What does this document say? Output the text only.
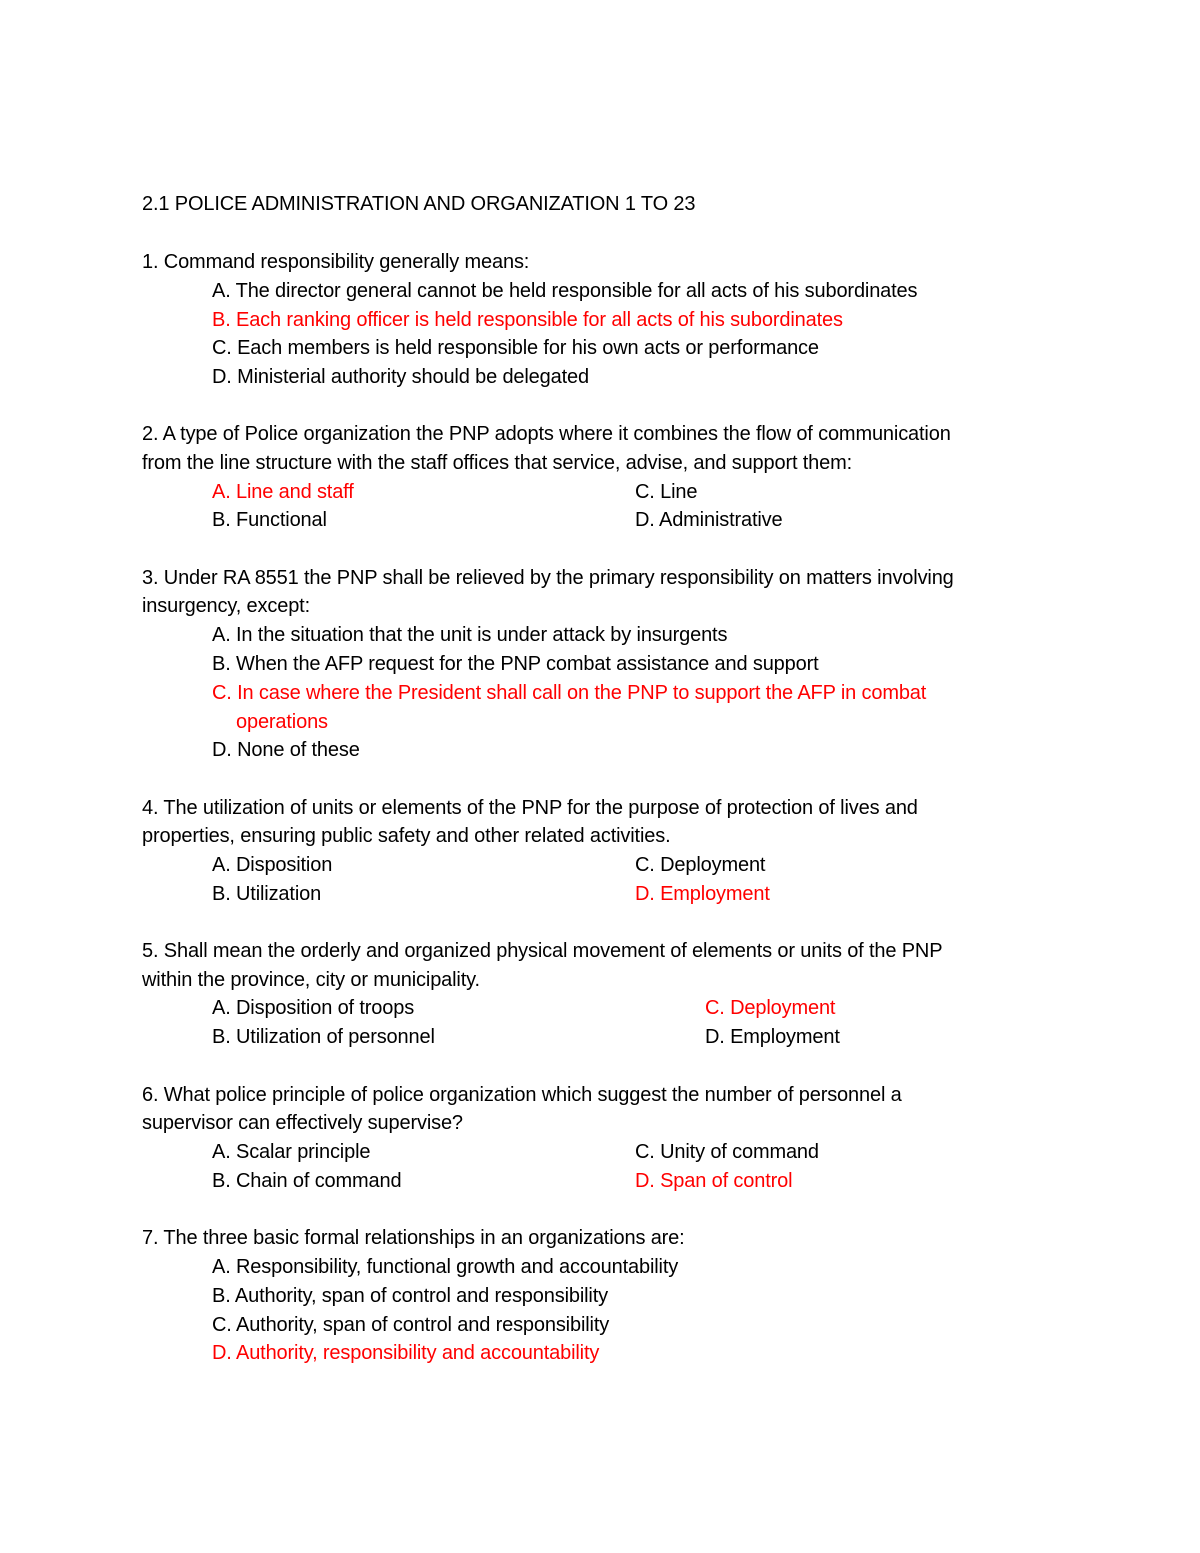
2.1 POLICE ADMINISTRATION AND ORGANIZATION 1 TO 23
1. Command responsibility generally means:
A. The director general cannot be held responsible for all acts of his subordinates
B. Each ranking officer is held responsible for all acts of his subordinates
C. Each members is held responsible for his own acts or performance
D. Ministerial authority should be delegated
2. A type of Police organization the PNP adopts where it combines the flow of communication
from the line structure with the staff offices that service, advise, and support them:
A. Line and staff	C. Line
B. Functional	D. Administrative
3. Under RA 8551 the PNP shall be relieved by the primary responsibility on matters involving
insurgency, except:
A. In the situation that the unit is under attack by insurgents
B. When the AFP request for the PNP combat assistance and support
C. In case where the President shall call on the PNP to support the AFP in combat
operations
D. None of these
4. The utilization of units or elements of the PNP for the purpose of protection of lives and
properties, ensuring public safety and other related activities.
A. Disposition	C. Deployment
B. Utilization	D. Employment
5. Shall mean the orderly and organized physical movement of elements or units of the PNP
within the province, city or municipality.
A. Disposition of troops	C. Deployment
B. Utilization of personnel	D. Employment
6. What police principle of police organization which suggest the number of personnel a
supervisor can effectively supervise?
A. Scalar principle	C. Unity of command
B. Chain of command	D. Span of control
7. The three basic formal relationships in an organizations are:
A. Responsibility, functional growth and accountability
B. Authority, span of control and responsibility
C. Authority, span of control and responsibility
D. Authority, responsibility and accountability
